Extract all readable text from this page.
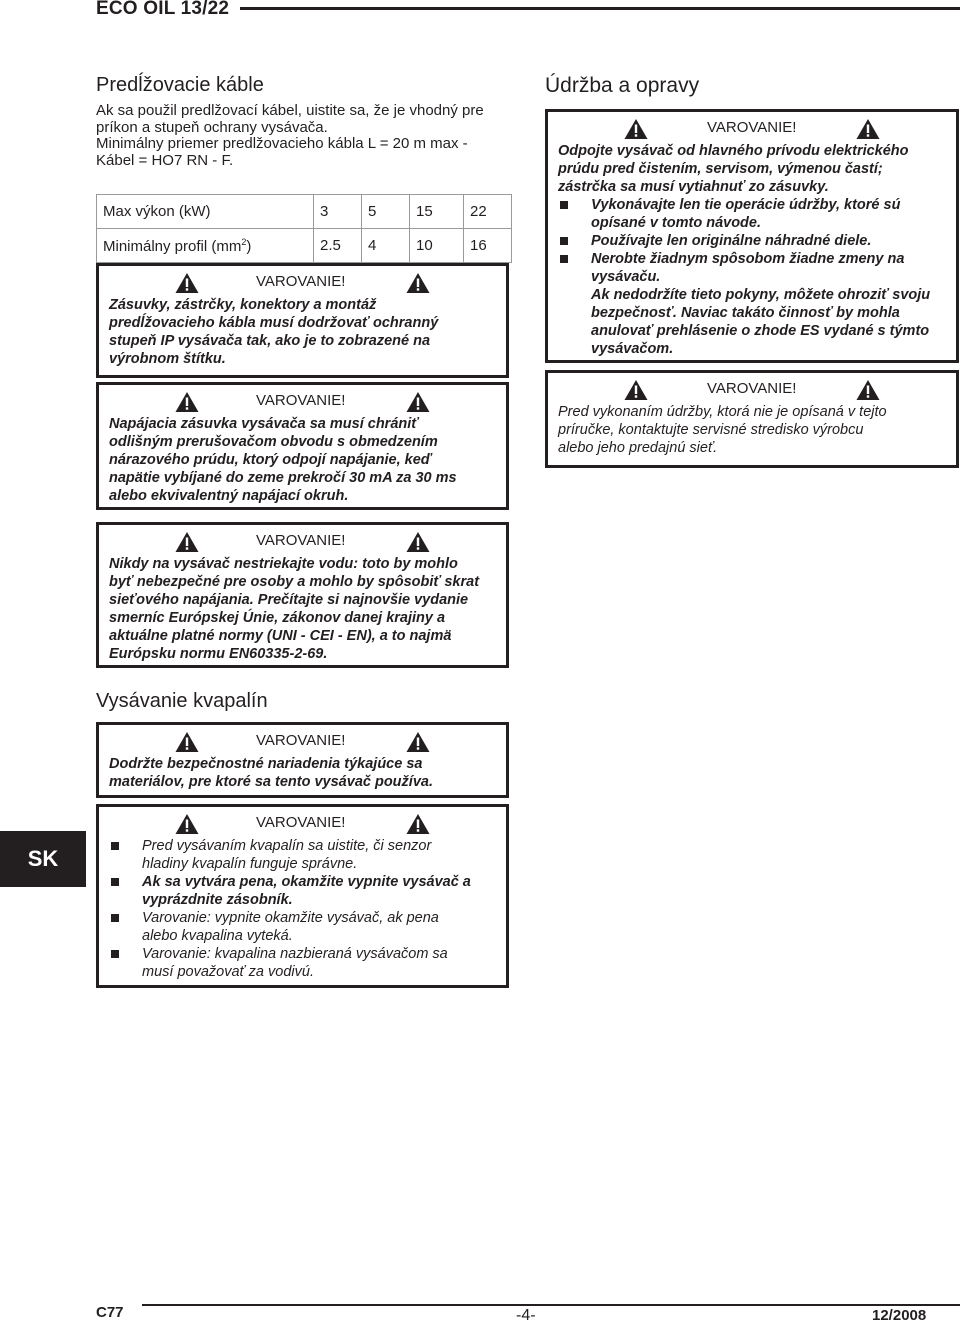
ECO OIL 13/22
Predĺžovacie káble
Ak sa použil predlžovací kábel, uistite sa, že je vhodný pre
príkon a stupeň ochrany vysávača.
Minimálny priemer predlžovacieho kábla L = 20 m max -
Kábel = HO7 RN - F.
Max výkon (kW)	3	5	15	22
Minimálny profil $(mm^2)$	2.5	4	10	16
VAROVANIE!
Zásuvky, zástrčky, konektory a montáž
predĺžovacieho kábla musí dodržovať ochranný
stupeň IP vysávača tak, ako je to zobrazené na
výrobnom štítku.
VAROVANIE!
Napájacia zásuvka vysávača sa musí chrániť
odlišným prerušovačom obvodu s obmedzením
nárazového prúdu, ktorý odpojí napájanie, keď
napätie vybíjané do zeme prekročí 30 mA za 30 ms
alebo ekvivalentný napájací okruh.
VAROVANIE!
Nikdy na vysávač nestriekajte vodu: toto by mohlo
byť nebezpečné pre osoby a mohlo by spôsobiť skrat
sieťového napájania. Prečítajte si najnovšie vydanie
smerníc Európskej Únie, zákonov danej krajiny a
aktuálne platné normy (UNI - CEI - EN), a to najmä
Európsku normu EN60335-2-69.
Vysávanie kvapalín
VAROVANIE!
Dodržte bezpečnostné nariadenia týkajúce sa
materiálov, pre ktoré sa tento vysávač používa.
VAROVANIE!
Pred vysávaním kvapalín sa uistite, či senzor
hladiny kvapalín funguje správne.
Ak sa vytvára pena, okamžite vypnite vysávač a
vyprázdnite zásobník.
Varovanie: vypnite okamžite vysávač, ak pena
alebo kvapalina vyteká.
Varovanie: kvapalina nazbieraná vysávačom sa
musí považovať za vodivú.
Údržba a opravy
VAROVANIE!
Odpojte vysávač od hlavného prívodu elektrického
prúdu pred čistením, servisom, výmenou častí;
zástrčka sa musí vytiahnuť zo zásuvky.
Vykonávajte len tie operácie údržby, ktoré sú
opísané v tomto návode.
Používajte len originálne náhradné diele.
Nerobte žiadnym spôsobom žiadne zmeny na
vysávaču.
Ak nedodržíte tieto pokyny, môžete ohroziť svoju
bezpečnosť. Naviac takáto činnosť by mohla
anulovať prehlásenie o zhode ES vydané s týmto
vysávačom.
VAROVANIE!
Pred vykonaním údržby, ktorá nie je opísaná v tejto
príručke, kontaktujte servisné stredisko výrobcu
alebo jeho predajnú sieť.
SK
C77	-4-	12/2008
